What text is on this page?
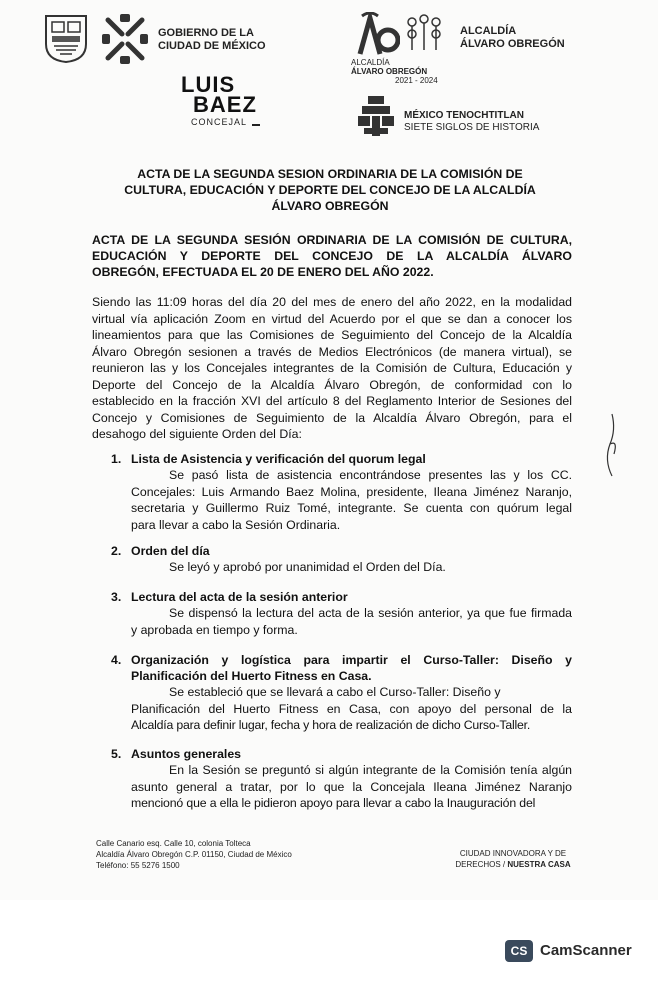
GOBIERNO DE LA
CIUDAD DE MÉXICO
LUIS
BAEZ
CONCEJAL
ALCALDÍA
ÁLVARO OBREGÓN
2021 - 2024
ALCALDÍA
ÁLVARO OBREGÓN
MÉXICO TENOCHTITLAN
SIETE SIGLOS DE HISTORIA
ACTA DE LA SEGUNDA SESION ORDINARIA DE LA COMISIÓN DE
CULTURA, EDUCACIÓN Y DEPORTE DEL CONCEJO DE LA ALCALDÍA
ÁLVARO OBREGÓN
ACTA DE LA SEGUNDA SESIÓN ORDINARIA DE LA COMISIÓN DE CULTURA,
EDUCACIÓN Y DEPORTE DEL CONCEJO DE LA ALCALDÍA ÁLVARO
OBREGÓN, EFECTUADA EL 20 DE ENERO DEL AÑO 2022.
Siendo las 11:09 horas del día 20 del mes de enero del año 2022, en la modalidad
virtual vía aplicación Zoom en virtud del Acuerdo por el que se dan a conocer los
lineamientos para que las Comisiones de Seguimiento del Concejo de la Alcaldía
Álvaro Obregón sesionen a través de Medios Electrónicos (de manera virtual), se
reunieron las y los Concejales integrantes de la Comisión de Cultura, Educación y
Deporte del Concejo de la Alcaldía Álvaro Obregón, de conformidad con lo
establecido en la fracción XVI del artículo 8 del Reglamento Interior de Sesiones del
Concejo y Comisiones de Seguimiento de la Alcaldía Álvaro Obregón, para el
desahogo del siguiente Orden del Día:
1. Lista de Asistencia y verificación del quorum legal
Se pasó lista de asistencia encontrándose presentes las y los CC.
Concejales: Luis Armando Baez Molina, presidente, Ileana Jiménez Naranjo,
secretaria y Guillermo Ruiz Tomé, integrante. Se cuenta con quórum legal
para llevar a cabo la Sesión Ordinaria.
2. Orden del día
Se leyó y aprobó por unanimidad el Orden del Día.
3. Lectura del acta de la sesión anterior
Se dispensó la lectura del acta de la sesión anterior, ya que fue firmada
y aprobada en tiempo y forma.
4. Organización y logística para impartir el Curso-Taller: Diseño y
Planificación del Huerto Fitness en Casa.
Se estableció que se llevará a cabo el Curso-Taller: Diseño y
Planificación del Huerto Fitness en Casa, con apoyo del personal de la
Alcaldía para definir lugar, fecha y hora de realización de dicho Curso-Taller.
5. Asuntos generales
En la Sesión se preguntó si algún integrante de la Comisión tenía algún
asunto general a tratar, por lo que la Concejala Ileana Jiménez Naranjo
mencionó que a ella le pidieron apoyo para llevar a cabo la Inauguración del
Calle Canario esq. Calle 10, colonia Tolteca
Alcaldía Álvaro Obregón C.P. 01150, Ciudad de México
Teléfono: 55 5276 1500
CIUDAD INNOVADORA Y DE
DERECHOS / NUESTRA CASA
CS CamScanner
